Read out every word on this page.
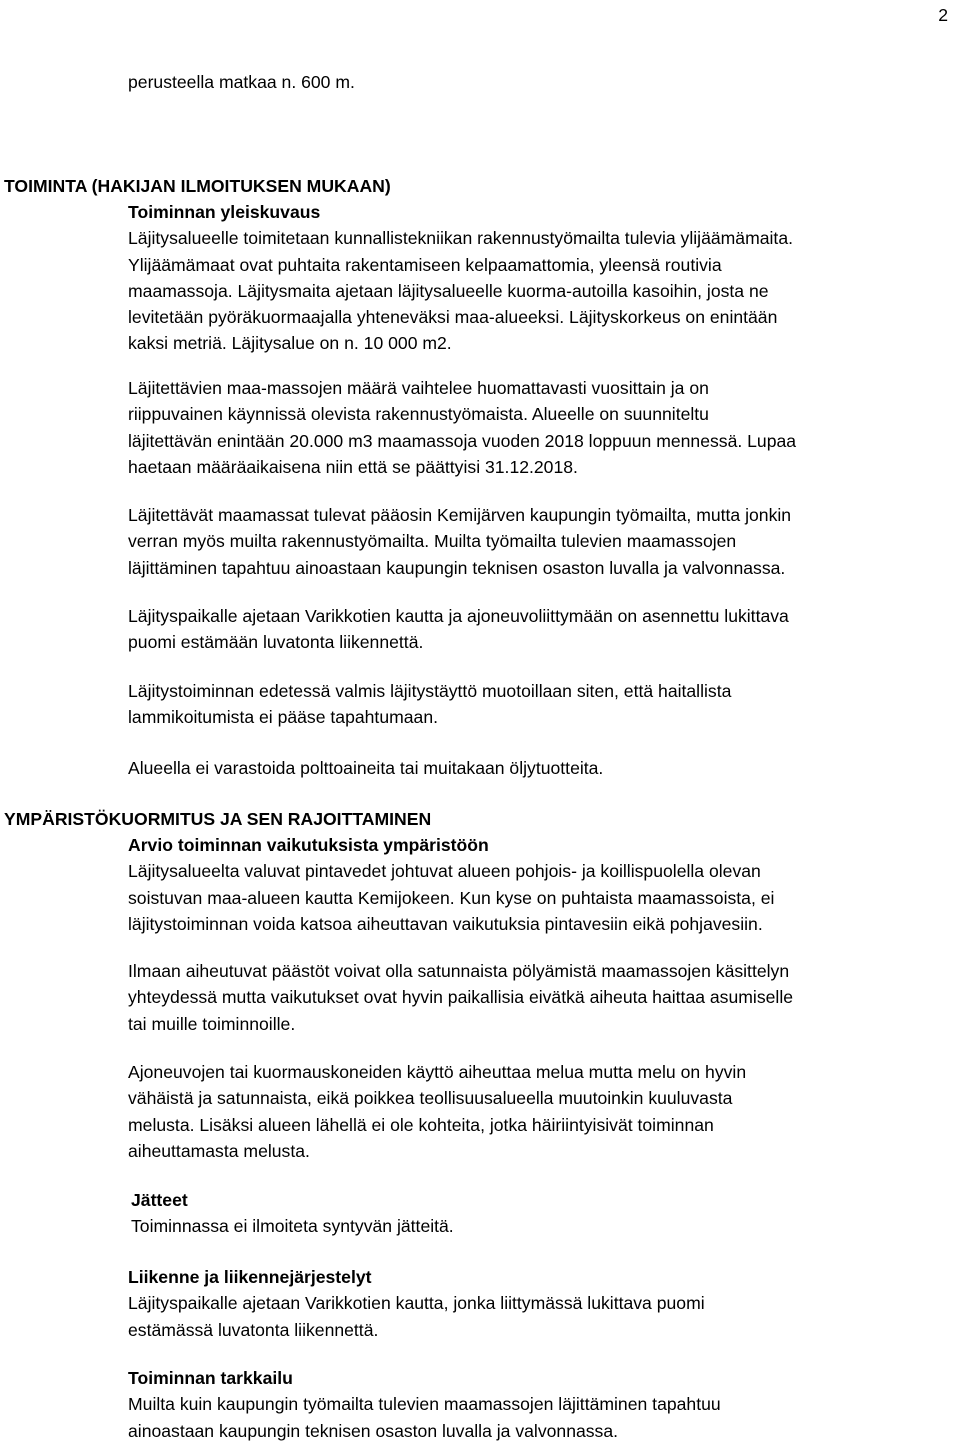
2
perusteella matkaa n. 600 m.
TOIMINTA (HAKIJAN ILMOITUKSEN MUKAAN)
Toiminnan yleiskuvaus
Läjitysalueelle toimitetaan kunnallistekniikan rakennustyömailta tulevia ylijäämämaita.
Ylijäämämaat ovat puhtaita rakentamiseen kelpaamattomia, yleensä routivia
maamassoja. Läjitysmaita ajetaan läjitysalueelle kuorma-autoilla kasoihin, josta ne
levitetään pyöräkuormaajalla yhteneväksi maa-alueeksi. Läjityskorkeus on enintään
kaksi metriä. Läjitysalue on n. 10 000 m2.
Läjitettävien maa-massojen määrä vaihtelee huomattavasti vuosittain ja on
riippuvainen käynnissä olevista rakennustyömaista. Alueelle on suunniteltu
läjitettävän enintään 20.000 m3 maamassoja vuoden 2018 loppuun mennessä. Lupaa
haetaan määräaikaisena niin että se päättyisi 31.12.2018.
Läjitettävät maamassat tulevat pääosin Kemijärven kaupungin työmailta, mutta jonkin
verran myös muilta rakennustyömailta. Muilta työmailta tulevien maamassojen
läjittäminen tapahtuu ainoastaan kaupungin teknisen osaston luvalla ja valvonnassa.
Läjityspaikalle ajetaan Varikkotien kautta ja ajoneuvoliittymään on asennettu lukittava
puomi estämään luvatonta liikennettä.
Läjitystoiminnan edetessä valmis läjitystäyttö muotoillaan siten, että haitallista
lammikoitumista ei pääse tapahtumaan.
Alueella ei varastoida polttoaineita tai muitakaan öljytuotteita.
YMPÄRISTÖKUORMITUS JA SEN RAJOITTAMINEN
Arvio toiminnan vaikutuksista ympäristöön
Läjitysalueelta valuvat pintavedet johtuvat alueen pohjois- ja koillispuolella olevan
soistuvan maa-alueen kautta Kemijokeen. Kun kyse on puhtaista maamassoista, ei
läjitystoiminnan voida katsoa aiheuttavan vaikutuksia pintavesiin eikä pohjavesiin.
Ilmaan aiheutuvat päästöt voivat olla satunnaista pölyämistä maamassojen käsittelyn
yhteydessä mutta vaikutukset ovat hyvin paikallisia eivätkä aiheuta haittaa asumiselle
tai muille toiminnoille.
Ajoneuvojen tai kuormauskoneiden käyttö aiheuttaa melua mutta melu on hyvin
vähäistä ja satunnaista, eikä poikkea teollisuusalueella muutoinkin kuuluvasta
melusta. Lisäksi alueen lähellä ei ole kohteita, jotka häiriintyisivät toiminnan
aiheuttamasta melusta.
Jätteet
Toiminnassa ei ilmoiteta syntyvän jätteitä.
Liikenne ja liikennejärjestelyt
Läjityspaikalle ajetaan Varikkotien kautta, jonka liittymässä lukittava puomi
estämässä luvatonta liikennettä.
Toiminnan tarkkailu
Muilta kuin kaupungin työmailta tulevien maamassojen läjittäminen tapahtuu
ainoastaan kaupungin teknisen osaston luvalla ja valvonnassa.
